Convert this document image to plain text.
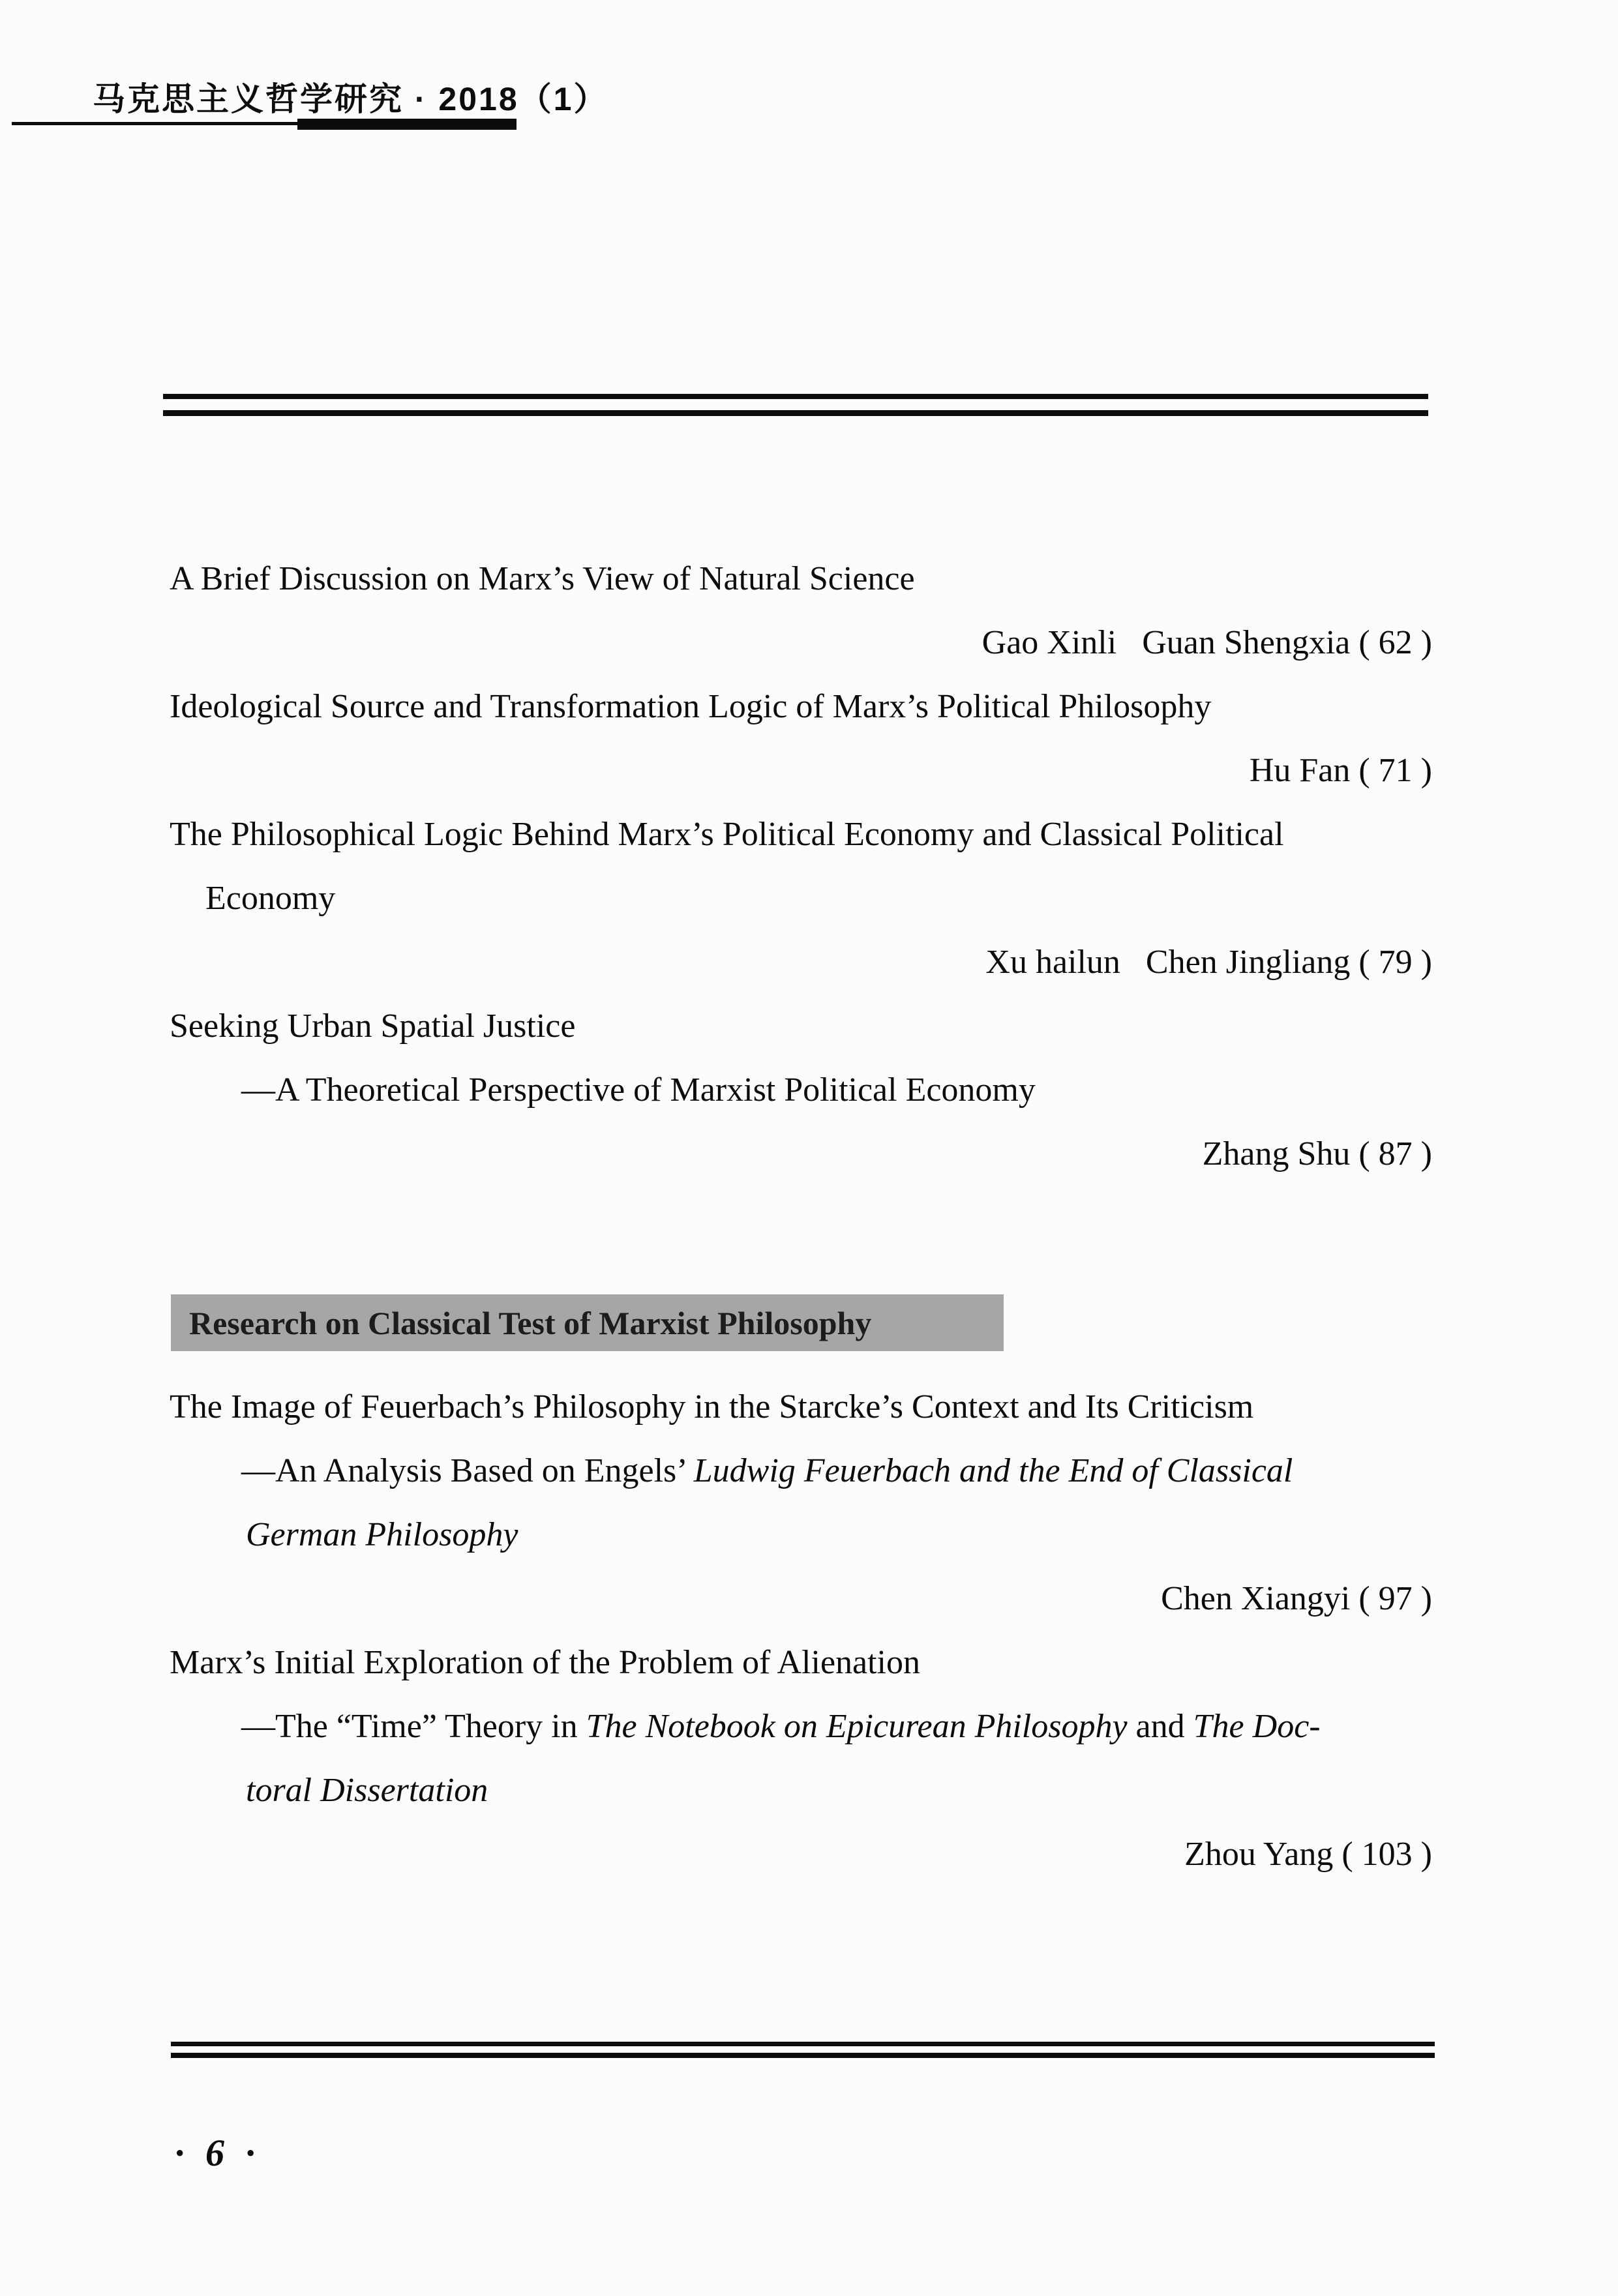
马克思主义哲学研究 · 2018（1）
A Brief Discussion on Marx’s View of Natural Science
Gao Xinli  Guan Shengxia ( 62 )
Ideological Source and Transformation Logic of Marx’s Political Philosophy
Hu Fan ( 71 )
The Philosophical Logic Behind Marx’s Political Economy and Classical Political
Economy
Xu hailun  Chen Jingliang ( 79 )
Seeking Urban Spatial Justice
—A Theoretical Perspective of Marxist Political Economy
Zhang Shu ( 87 )
Research on Classical Test of Marxist Philosophy
The Image of Feuerbach’s Philosophy in the Starcke’s Context and Its Criticism
—An Analysis Based on Engels’ Ludwig Feuerbach and the End of Classical
German Philosophy
Chen Xiangyi ( 97 )
Marx’s Initial Exploration of the Problem of Alienation
—The “Time” Theory in The Notebook on Epicurean Philosophy and The Doc-
toral Dissertation
Zhou Yang ( 103 )
· 6 ·
